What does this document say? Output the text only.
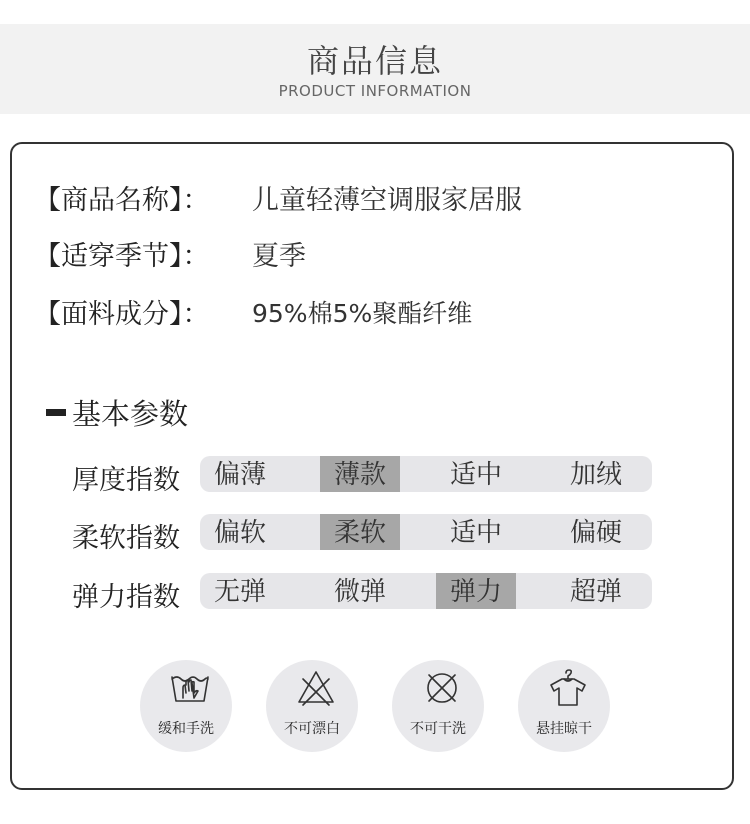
商品信息
PRODUCT INFORMATION
【商品名称】： 儿童轻薄空调服家居服
【适穿季节】： 夏季
【面料成分】： 95%棉5%聚酯纤维
基本参数
厚度指数	偏薄	薄款	适中	加绒
柔软指数	偏软	柔软	适中	偏硬
弹力指数	无弹	微弹	弹力	超弹
缓和手洗	不可漂白	不可干洗	悬挂晾干
